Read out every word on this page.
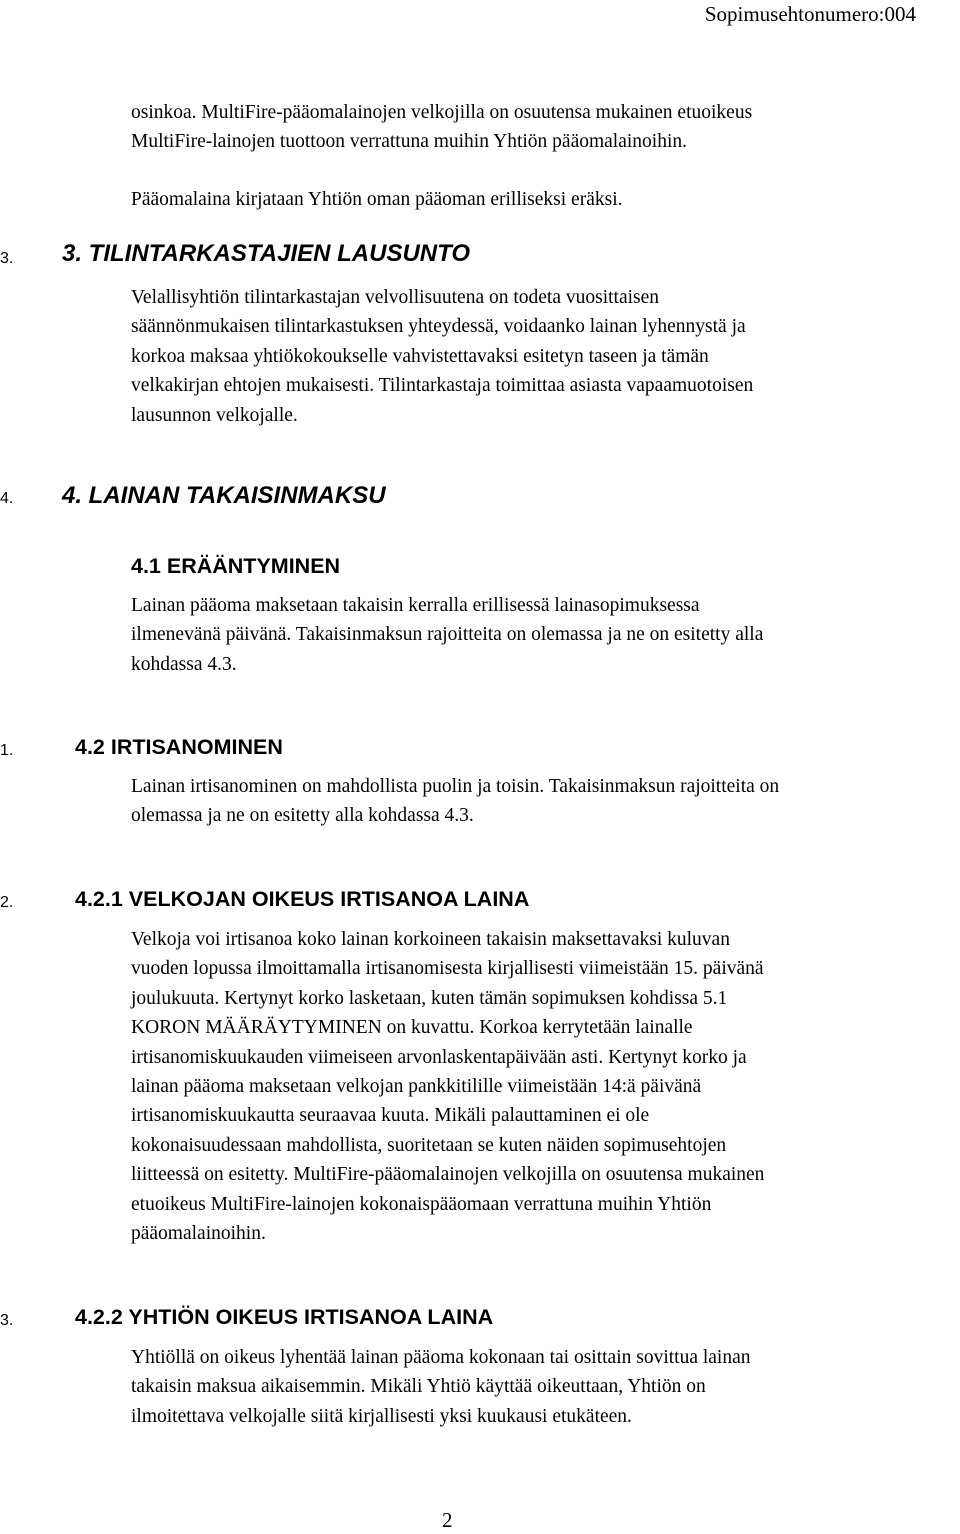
Sopimusehtonumero:004
osinkoa. MultiFire-pääomalainojen velkojilla on osuutensa mukainen etuoikeus
MultiFire-lainojen tuottoon verrattuna muihin Yhtiön pääomalainoihin.
Pääomalaina kirjataan Yhtiön oman pääoman erilliseksi eräksi.
3. 3. TILINTARKASTAJIEN LAUSUNTO
Velallisyhtiön tilintarkastajan velvollisuutena on todeta vuosittaisen
säännönmukaisen tilintarkastuksen yhteydessä, voidaanko lainan lyhennystä ja
korkoa maksaa yhtiökokoukselle vahvistettavaksi esitetyn taseen ja tämän
velkakirjan ehtojen mukaisesti. Tilintarkastaja toimittaa asiasta vapaamuotoisen
lausunnon velkojalle.
4. 4. LAINAN TAKAISINMAKSU
4.1 ERÄÄNTYMINEN
Lainan pääoma maksetaan takaisin kerralla erillisessä lainasopimuksessa
ilmenevänä päivänä. Takaisinmaksun rajoitteita on olemassa ja ne on esitetty alla
kohdassa 4.3.
1.	4.2 IRTISANOMINEN
Lainan irtisanominen on mahdollista puolin ja toisin. Takaisinmaksun rajoitteita on
olemassa ja ne on esitetty alla kohdassa 4.3.
2.	4.2.1 VELKOJAN OIKEUS IRTISANOA LAINA
Velkoja voi irtisanoa koko lainan korkoineen takaisin maksettavaksi kuluvan
vuoden lopussa ilmoittamalla irtisanomisesta kirjallisesti viimeistään 15. päivänä
joulukuuta. Kertynyt korko lasketaan, kuten tämän sopimuksen kohdissa 5.1
KORON MÄÄRÄYTYMINEN on kuvattu. Korkoa kerrytetään lainalle
irtisanomiskuukauden viimeiseen arvonlaskentapäivään asti. Kertynyt korko ja
lainan pääoma maksetaan velkojan pankkitilille viimeistään 14:ä päivänä
irtisanomiskuukautta seuraavaa kuuta. Mikäli palauttaminen ei ole
kokonaisuudessaan mahdollista, suoritetaan se kuten näiden sopimusehtojen
liitteessä on esitetty. MultiFire-pääomalainojen velkojilla on osuutensa mukainen
etuoikeus MultiFire-lainojen kokonaispääomaan verrattuna muihin Yhtiön
pääomalainoihin.
3.	4.2.2 YHTIÖN OIKEUS IRTISANOA LAINA
Yhtiöllä on oikeus lyhentää lainan pääoma kokonaan tai osittain sovittua lainan
takaisin maksua aikaisemmin. Mikäli Yhtiö käyttää oikeuttaan, Yhtiön on
ilmoitettava velkojalle siitä kirjallisesti yksi kuukausi etukäteen.
2
